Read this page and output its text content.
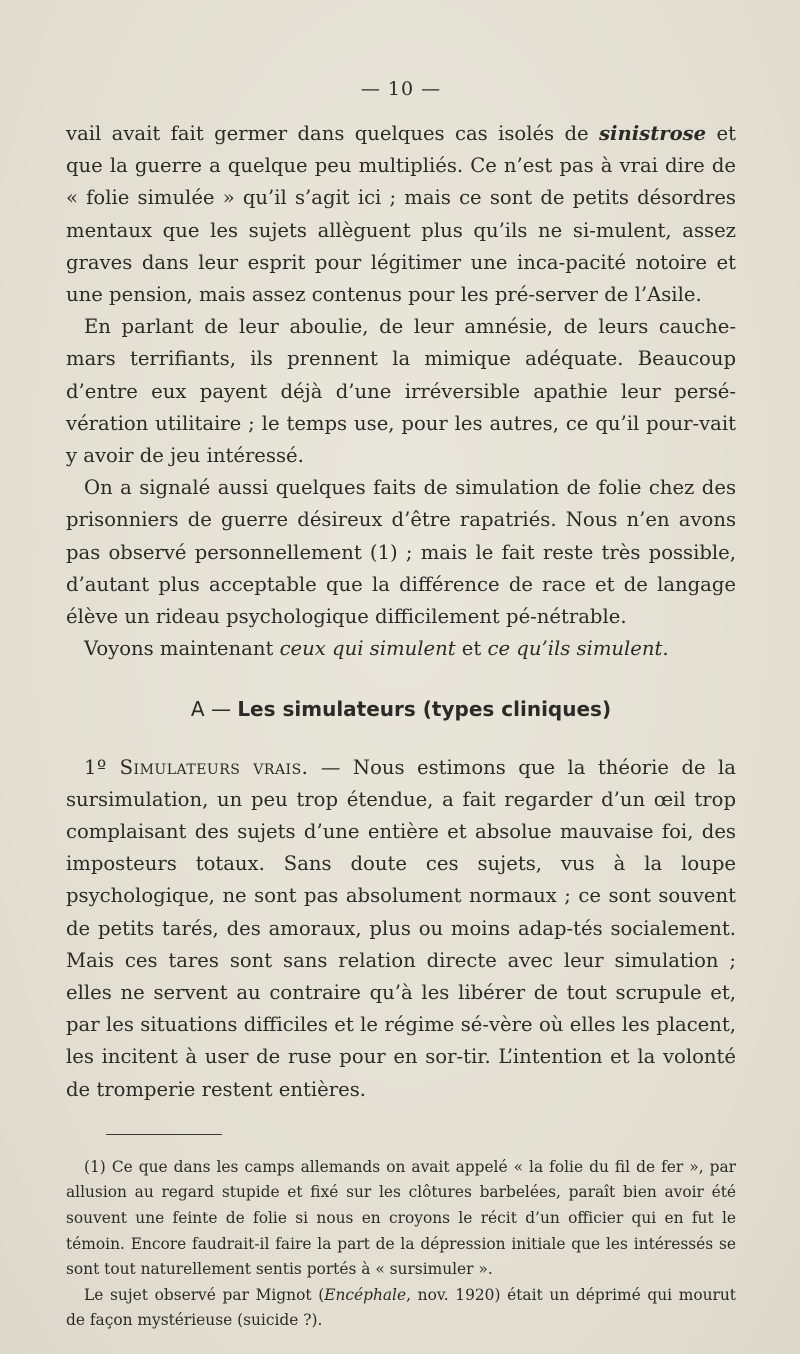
— 10 —

vail avait fait germer dans quelques cas isolés de sinistrose et que la guerre a quelque peu multipliés. Ce n’est pas à vrai dire de « folie simulée » qu’il s’agit ici ; mais ce sont de petits désordres mentaux que les sujets allèguent plus qu’ils ne si-mulent, assez graves dans leur esprit pour légitimer une inca-pacité notoire et une pension, mais assez contenus pour les pré-server de l’Asile.

En parlant de leur aboulie, de leur amnésie, de leurs cauche-mars terrifiants, ils prennent la mimique adéquate. Beaucoup d’entre eux payent déjà d’une irréversible apathie leur persé-vération utilitaire ; le temps use, pour les autres, ce qu’il pour-vait y avoir de jeu intéressé.

On a signalé aussi quelques faits de simulation de folie chez des prisonniers de guerre désireux d’être rapatriés. Nous n’en avons pas observé personnellement (1) ; mais le fait reste très possible, d’autant plus acceptable que la différence de race et de langage élève un rideau psychologique difficilement pé-nétrable.

Voyons maintenant ceux qui simulent et ce qu’ils simulent.

A — Les simulateurs (types cliniques)

1º Simulateurs vrais. — Nous estimons que la théorie de la sursimulation, un peu trop étendue, a fait regarder d’un œil trop complaisant des sujets d’une entière et absolue mauvaise foi, des imposteurs totaux. Sans doute ces sujets, vus à la loupe psychologique, ne sont pas absolument normaux ; ce sont souvent de petits tarés, des amoraux, plus ou moins adap-tés socialement. Mais ces tares sont sans relation directe avec leur simulation ; elles ne servent au contraire qu’à les libérer de tout scrupule et, par les situations difficiles et le régime sé-vère où elles les placent, les incitent à user de ruse pour en sor-tir. L’intention et la volonté de tromperie restent entières.

(1) Ce que dans les camps allemands on avait appelé « la folie du fil de fer », par allusion au regard stupide et fixé sur les clôtures barbelées, paraît bien avoir été souvent une feinte de folie si nous en croyons le récit d’un officier qui en fut le témoin. Encore faudrait-il faire la part de la dépression initiale que les intéressés se sont tout naturellement sentis portés à « sursimuler ».

Le sujet observé par Mignot (Encéphale, nov. 1920) était un déprimé qui mourut de façon mystérieuse (suicide ?).
